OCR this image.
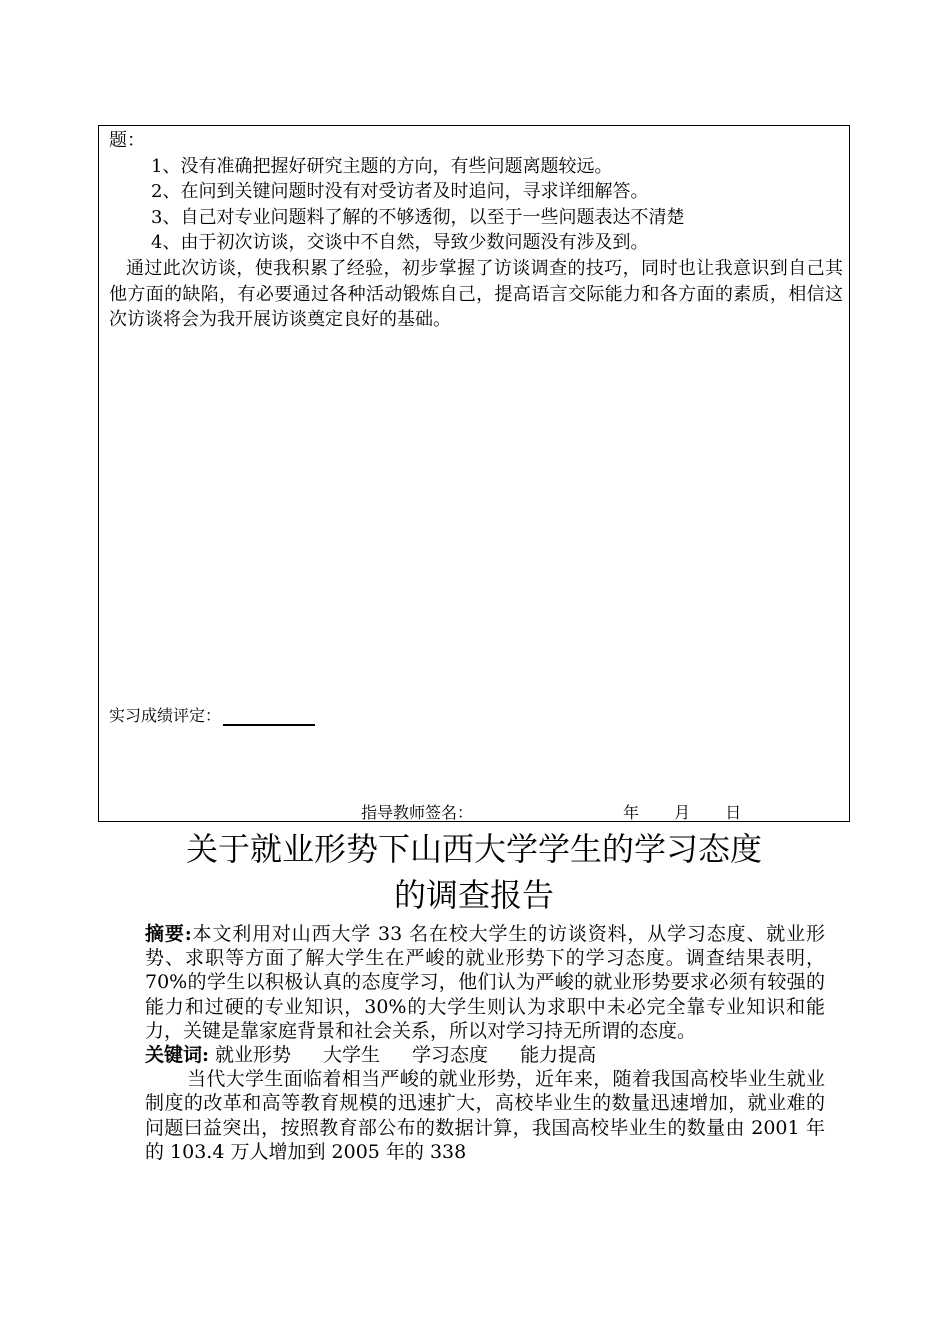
题：

1、没有准确把握好研究主题的方向，有些问题离题较远。

2、在问到关键问题时没有对受访者及时追问，寻求详细解答。

3、自己对专业问题料了解的不够透彻，以至于一些问题表达不清楚

4、由于初次访谈，交谈中不自然，导致少数问题没有涉及到。

通过此次访谈，使我积累了经验，初步掌握了访谈调查的技巧，同时也让我意识到自己其他方面的缺陷，有必要通过各种活动锻炼自己，提高语言交际能力和各方面的素质，相信这次访谈将会为我开展访谈奠定良好的基础。

实习成绩评定：
指导教师签名：	年 月 日
关于就业形势下山西大学学生的学习态度
的调查报告

摘要:本文利用对山西大学 33 名在校大学生的访谈资料，从学习态度、就业形势、求职等方面了解大学生在严峻的就业形势下的学习态度。调查结果表明，70%的学生以积极认真的态度学习，他们认为严峻的就业形势要求必须有较强的能力和过硬的专业知识，30%的大学生则认为求职中未必完全靠专业知识和能力，关键是靠家庭背景和社会关系，所以对学习持无所谓的态度。

关键词: 就业形势 大学生 学习态度 能力提高

当代大学生面临着相当严峻的就业形势，近年来，随着我国高校毕业生就业制度的改革和高等教育规模的迅速扩大，高校毕业生的数量迅速增加，就业难的问题曰益突出，按照教育部公布的数据计算，我国高校毕业生的数量由 2001 年的 103.4 万人增加到 2005 年的 338
